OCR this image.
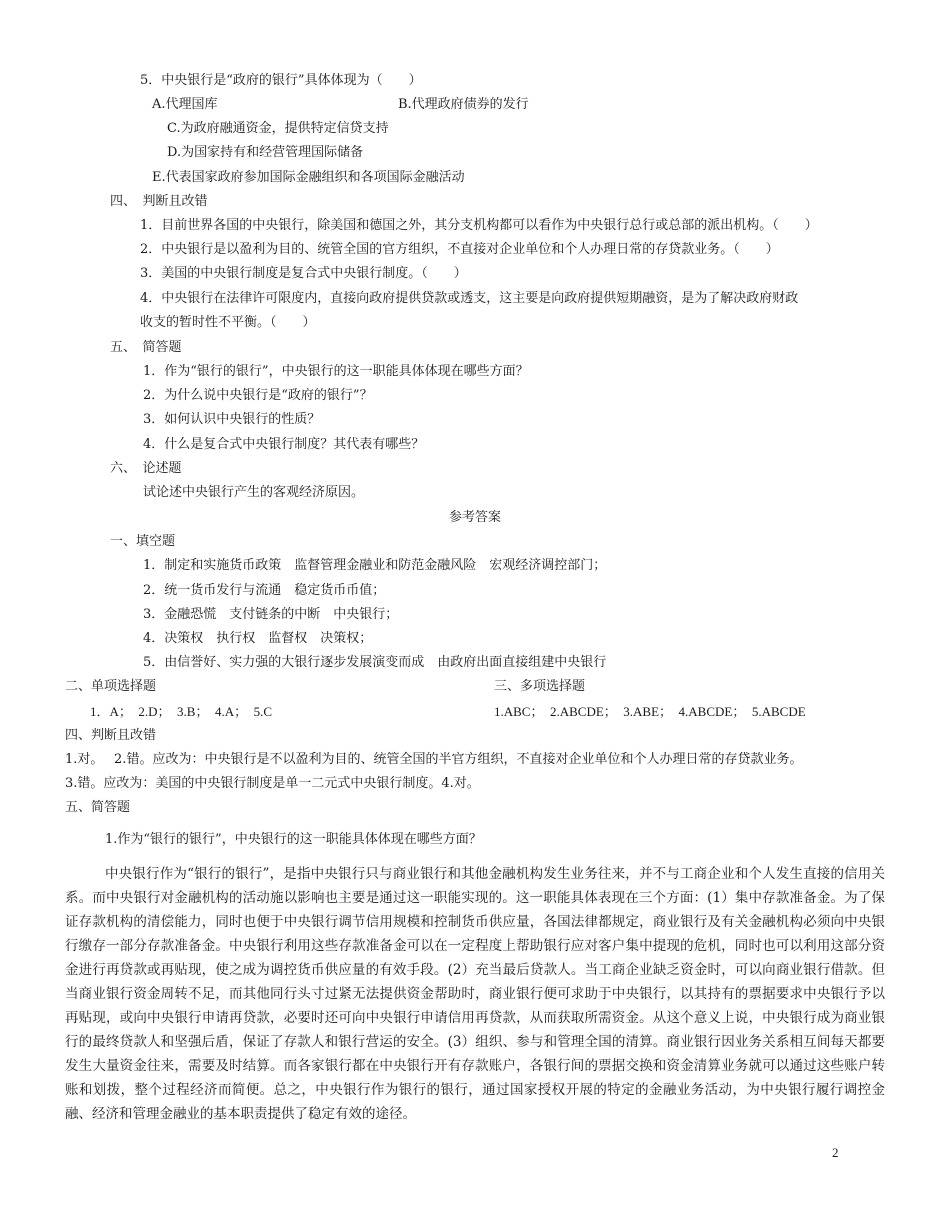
5．中央银行是“政府的银行”具体体现为（　　）
A.代理国库	B.代理政府债券的发行
C.为政府融通资金，提供特定信贷支持
D.为国家持有和经营管理国际储备
E.代表国家政府参加国际金融组织和各项国际金融活动
四、　判断且改错
1．目前世界各国的中央银行，除美国和德国之外，其分支机构都可以看作为中央银行总行或总部的派出机构。（　　）
2．中央银行是以盈利为目的、统管全国的官方组织，不直接对企业单位和个人办理日常的存贷款业务。（　　）
3．美国的中央银行制度是复合式中央银行制度。（　　）
4．中央银行在法律许可限度内，直接向政府提供贷款或透支，这主要是向政府提供短期融资，是为了解决政府财政
收支的暂时性不平衡。（　　）
五、　简答题
1．作为“银行的银行”，中央银行的这一职能具体体现在哪些方面？
2．为什么说中央银行是“政府的银行”？
3．如何认识中央银行的性质？
4．什么是复合式中央银行制度？其代表有哪些？
六、　论述题
试论述中央银行产生的客观经济原因。
参考答案
一、填空题
1．制定和实施货币政策　监督管理金融业和防范金融风险　宏观经济调控部门；
2．统一货币发行与流通　稳定货币币值；
3．金融恐慌　支付链条的中断　中央银行；
4．决策权　执行权　监督权　决策权；
5．由信誉好、实力强的大银行逐步发展演变而成　由政府出面直接组建中央银行
二、单项选择题	三、多项选择题
1．A；　2.D；　3.B；　4.A；　5.C	1.ABC；　2.ABCDE；　3.ABE；　4.ABCDE；　5.ABCDE
四、判断且改错
1.对。　 2.错。应改为：中央银行是不以盈利为目的、统管全国的半官方组织，不直接对企业单位和个人办理日常的存贷款业务。
3.错。应改为：美国的中央银行制度是单一二元式中央银行制度。4.对。
五、简答题
1.作为“银行的银行”，中央银行的这一职能具体体现在哪些方面？
中央银行作为“银行的银行”，是指中央银行只与商业银行和其他金融机构发生业务往来，并不与工商企业和个人发生直接的信用关系。而中央银行对金融机构的活动施以影响也主要是通过这一职能实现的。这一职能具体表现在三个方面：(1）集中存款准备金。为了保证存款机构的清偿能力，同时也便于中央银行调节信用规模和控制货币供应量，各国法律都规定，商业银行及有关金融机构必须向中央银行缴存一部分存款准备金。中央银行利用这些存款准备金可以在一定程度上帮助银行应对客户集中提现的危机，同时也可以利用这部分资金进行再贷款或再贴现，使之成为调控货币供应量的有效手段。(2）充当最后贷款人。当工商企业缺乏资金时，可以向商业银行借款。但当商业银行资金周转不足，而其他同行头寸过紧无法提供资金帮助时，商业银行便可求助于中央银行，以其持有的票据要求中央银行予以再贴现，或向中央银行申请再贷款，必要时还可向中央银行申请信用再贷款，从而获取所需资金。从这个意义上说，中央银行成为商业银行的最终贷款人和坚强后盾，保证了存款人和银行营运的安全。(3）组织、参与和管理全国的清算。商业银行因业务关系相互间每天都要发生大量资金往来，需要及时结算。而各家银行都在中央银行开有存款账户，各银行间的票据交换和资金清算业务就可以通过这些账户转账和划拨，整个过程经济而简便。总之，中央银行作为银行的银行，通过国家授权开展的特定的金融业务活动，为中央银行履行调控金融、经济和管理金融业的基本职责提供了稳定有效的途径。
2
